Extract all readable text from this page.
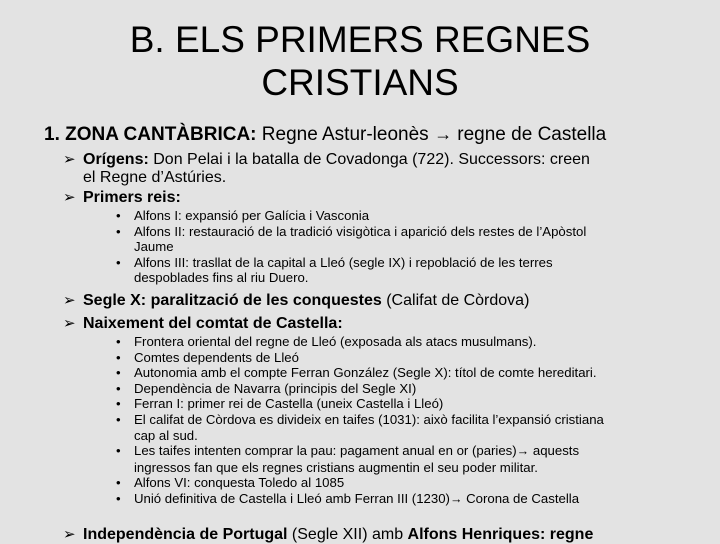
B. ELS PRIMERS REGNES
CRISTIANS
1. ZONA CANTÀBRICA: Regne Astur-leonès → regne de Castella
➢ Orígens: Don Pelai i la batalla de Covadonga (722). Successors: creen
el Regne d’Astúries.
➢ Primers reis:
• Alfons I: expansió per Galícia i Vasconia
• Alfons II: restauració de la tradició visigòtica i aparició dels restes de l’Apòstol
Jaume
• Alfons III: trasllat de la capital a Lleó (segle IX) i repoblació de les terres
despoblades fins al riu Duero.
➢ Segle X: paralització de les conquestes (Califat de Còrdova)
➢ Naixement del comtat de Castella:
• Frontera oriental del regne de Lleó (exposada als atacs musulmans).
• Comtes dependents de Lleó
• Autonomia amb el compte Ferran González (Segle X): títol de comte hereditari.
• Dependència de Navarra (principis del Segle XI)
• Ferran I: primer rei de Castella (uneix Castella i Lleó)
• El califat de Còrdova es divideix en taifes (1031): això facilita l’expansió cristiana
cap al sud.
• Les taifes intenten comprar la pau: pagament anual en or (paries)→ aquests
ingressos fan que els regnes cristians augmentin el seu poder militar.
• Alfons VI: conquesta Toledo al 1085
• Unió definitiva de Castella i Lleó amb Ferran III (1230)→ Corona de Castella
➢ Independència de Portugal (Segle XII) amb Alfons Henriques: regne
